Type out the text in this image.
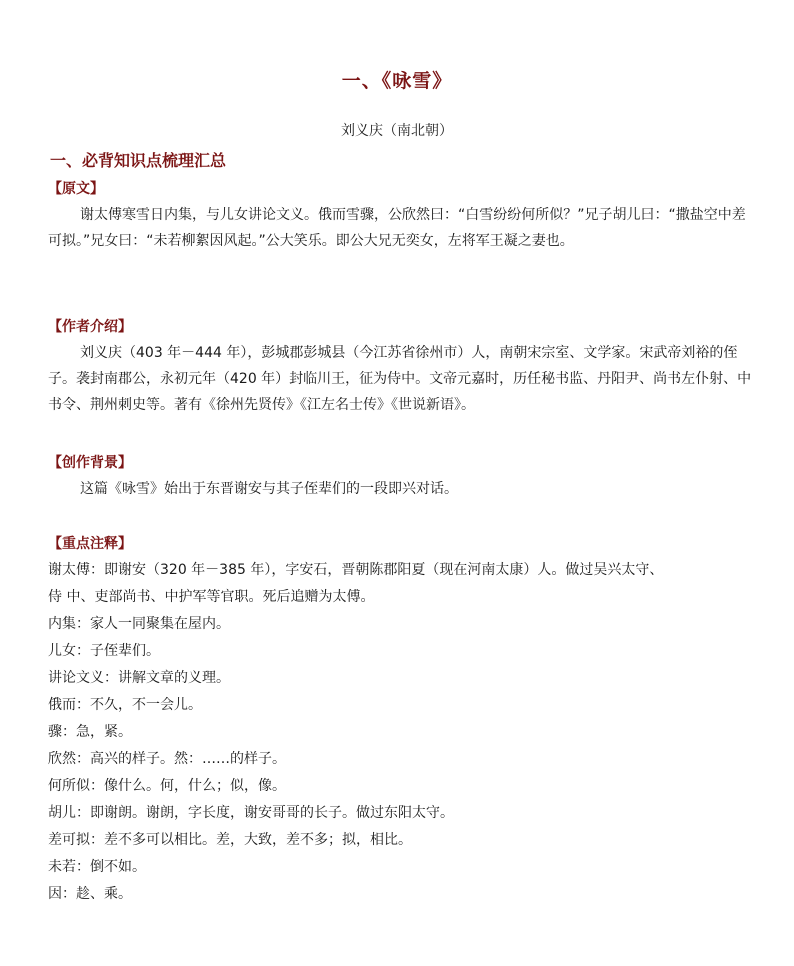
一、《咏雪》
刘义庆（南北朝）
一、必背知识点梳理汇总
【原文】
谢太傅寒雪日内集，与儿女讲论文义。俄而雪骤，公欣然曰：“白雪纷纷何所似？”兄子胡儿曰：“撒盐空中差可拟。”兄女曰：“未若柳絮因风起。”公大笑乐。即公大兄无奕女，左将军王凝之妻也。
【作者介绍】
刘义庆（403 年－444 年），彭城郡彭城县（今江苏省徐州市）人，南朝宋宗室、文学家。宋武帝刘裕的侄子。袭封南郡公，永初元年（420 年）封临川王，征为侍中。文帝元嘉时，历任秘书监、丹阳尹、尚书左仆射、中书令、荆州刺史等。著有《徐州先贤传》《江左名士传》《世说新语》。
【创作背景】
这篇《咏雪》始出于东晋谢安与其子侄辈们的一段即兴对话。
【重点注释】
谢太傅：即谢安（320 年－385 年），字安石，晋朝陈郡阳夏（现在河南太康）人。做过吴兴太守、
侍 中、吏部尚书、中护军等官职。死后追赠为太傅。
内集：家人一同聚集在屋内。
儿女：子侄辈们。
讲论文义：讲解文章的义理。
俄而：不久，不一会儿。
骤：急，紧。
欣然：高兴的样子。然：……的样子。
何所似：像什么。何，什么；似，像。
胡儿：即谢朗。谢朗，字长度，谢安哥哥的长子。做过东阳太守。
差可拟：差不多可以相比。差，大致，差不多；拟，相比。
未若：倒不如。
因：趁、乘。
